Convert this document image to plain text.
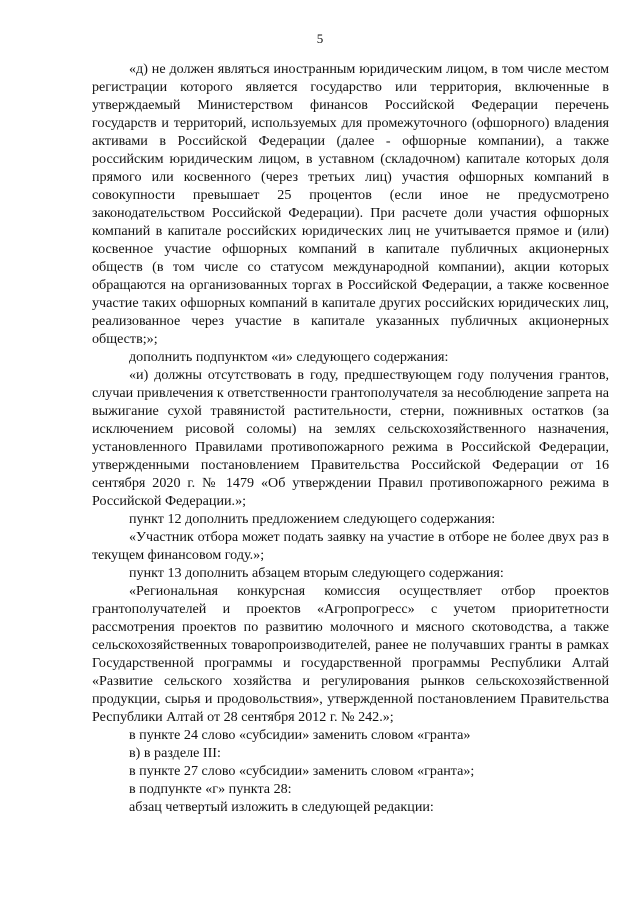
5

«д) не должен являться иностранным юридическим лицом, в том числе местом регистрации которого является государство или территория, включенные в утверждаемый Министерством финансов Российской Федерации перечень государств и территорий, используемых для промежуточного (офшорного) владения активами в Российской Федерации (далее - офшорные компании), а также российским юридическим лицом, в уставном (складочном) капитале которых доля прямого или косвенного (через третьих лиц) участия офшорных компаний в совокупности превышает 25 процентов (если иное не предусмотрено законодательством Российской Федерации). При расчете доли участия офшорных компаний в капитале российских юридических лиц не учитывается прямое и (или) косвенное участие офшорных компаний в капитале публичных акционерных обществ (в том числе со статусом международной компании), акции которых обращаются на организованных торгах в Российской Федерации, а также косвенное участие таких офшорных компаний в капитале других российских юридических лиц, реализованное через участие в капитале указанных публичных акционерных обществ;»;

дополнить подпунктом «и» следующего содержания:

«и) должны отсутствовать в году, предшествующем году получения грантов, случаи привлечения к ответственности грантополучателя за несоблюдение запрета на выжигание сухой травянистой растительности, стерни, пожнивных остатков (за исключением рисовой соломы) на землях сельскохозяйственного назначения, установленного Правилами противопожарного режима в Российской Федерации, утвержденными постановлением Правительства Российской Федерации от 16 сентября 2020 г. № 1479 «Об утверждении Правил противопожарного режима в Российской Федерации.»;

пункт 12 дополнить предложением следующего содержания:

«Участник отбора может подать заявку на участие в отборе не более двух раз в текущем финансовом году.»;

пункт 13 дополнить абзацем вторым следующего содержания:

«Региональная конкурсная комиссия осуществляет отбор проектов грантополучателей и проектов «Агропрогресс» с учетом приоритетности рассмотрения проектов по развитию молочного и мясного скотоводства, а также сельскохозяйственных товаропроизводителей, ранее не получавших гранты в рамках Государственной программы и государственной программы Республики Алтай «Развитие сельского хозяйства и регулирования рынков сельскохозяйственной продукции, сырья и продовольствия», утвержденной постановлением Правительства Республики Алтай от 28 сентября 2012 г. № 242.»;

в пункте 24 слово «субсидии» заменить словом «гранта»

в) в разделе III:

в пункте 27 слово «субсидии» заменить словом «гранта»;

в подпункте «г» пункта 28:

абзац четвертый изложить в следующей редакции:
